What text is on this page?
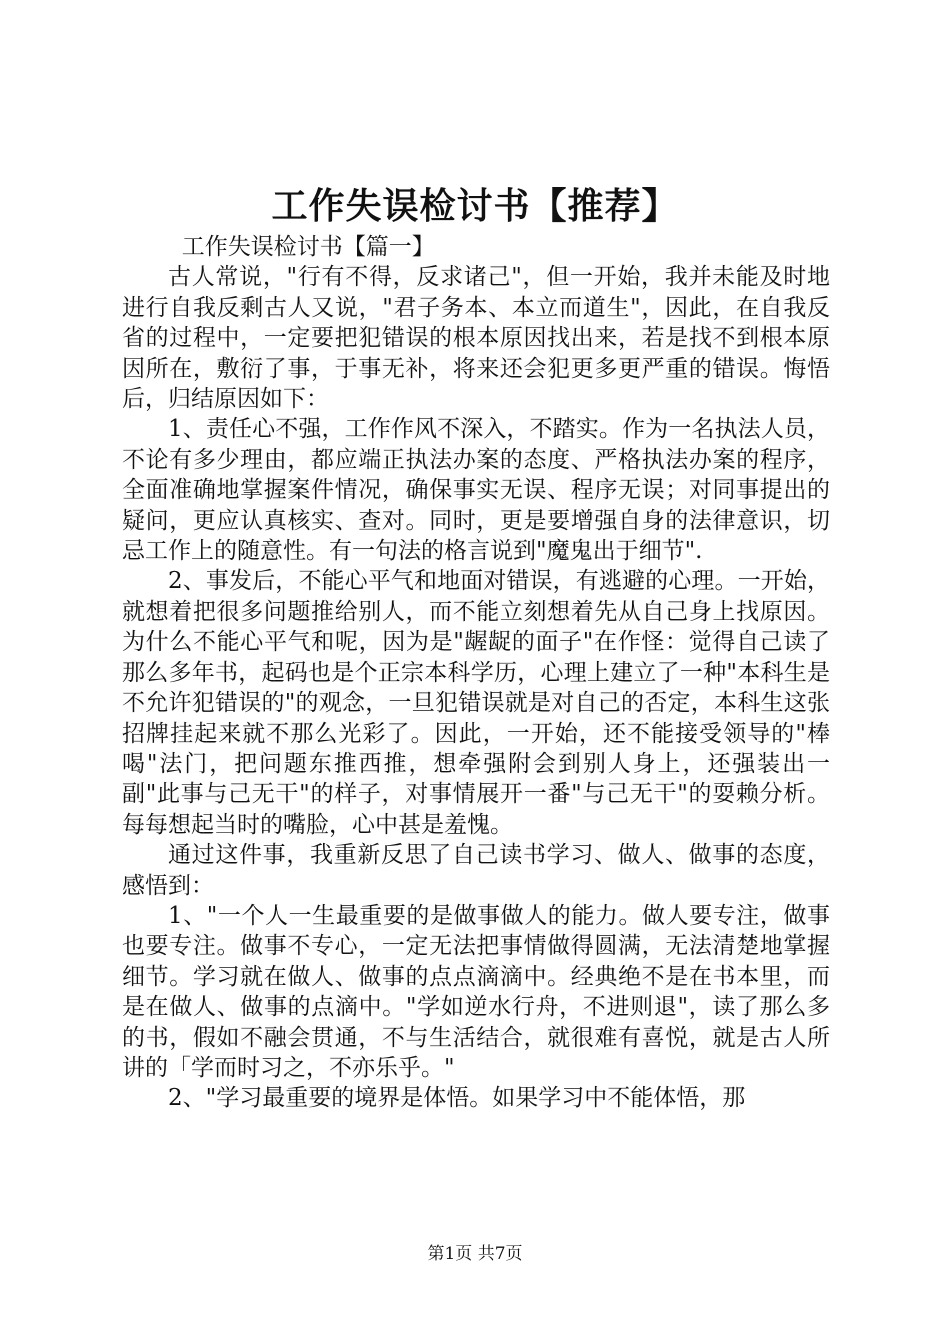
工作失误检讨书【推荐】

工作失误检讨书【篇一】

古人常说，"行有不得，反求诸己"，但一开始，我并未能及时地进行自我反剩古人又说，"君子务本、本立而道生"，因此，在自我反省的过程中，一定要把犯错误的根本原因找出来，若是找不到根本原因所在，敷衍了事，于事无补，将来还会犯更多更严重的错误。悔悟后，归结原因如下：

1、责任心不强，工作作风不深入，不踏实。作为一名执法人员，不论有多少理由，都应端正执法办案的态度、严格执法办案的程序，全面准确地掌握案件情况，确保事实无误、程序无误；对同事提出的疑问，更应认真核实、查对。同时，更是要增强自身的法律意识，切忌工作上的随意性。有一句法的格言说到"魔鬼出于细节".

2、事发后，不能心平气和地面对错误，有逃避的心理。一开始，就想着把很多问题推给别人，而不能立刻想着先从自己身上找原因。为什么不能心平气和呢，因为是"龌龊的面子"在作怪：觉得自己读了那么多年书，起码也是个正宗本科学历，心理上建立了一种"本科生是不允许犯错误的"的观念，一旦犯错误就是对自己的否定，本科生这张招牌挂起来就不那么光彩了。因此，一开始，还不能接受领导的"棒喝"法门，把问题东推西推，想牵强附会到别人身上，还强装出一副"此事与己无干"的样子，对事情展开一番"与己无干"的耍赖分析。每每想起当时的嘴脸，心中甚是羞愧。

通过这件事，我重新反思了自己读书学习、做人、做事的态度，感悟到：

1、"一个人一生最重要的是做事做人的能力。做人要专注，做事也要专注。做事不专心，一定无法把事情做得圆满，无法清楚地掌握细节。学习就在做人、做事的点点滴滴中。经典绝不是在书本里，而是在做人、做事的点滴中。"学如逆水行舟，不进则退"，读了那么多的书，假如不融会贯通，不与生活结合，就很难有喜悦，就是古人所讲的「学而时习之，不亦乐乎。"

2、"学习最重要的境界是体悟。如果学习中不能体悟，那

第1页 共7页
